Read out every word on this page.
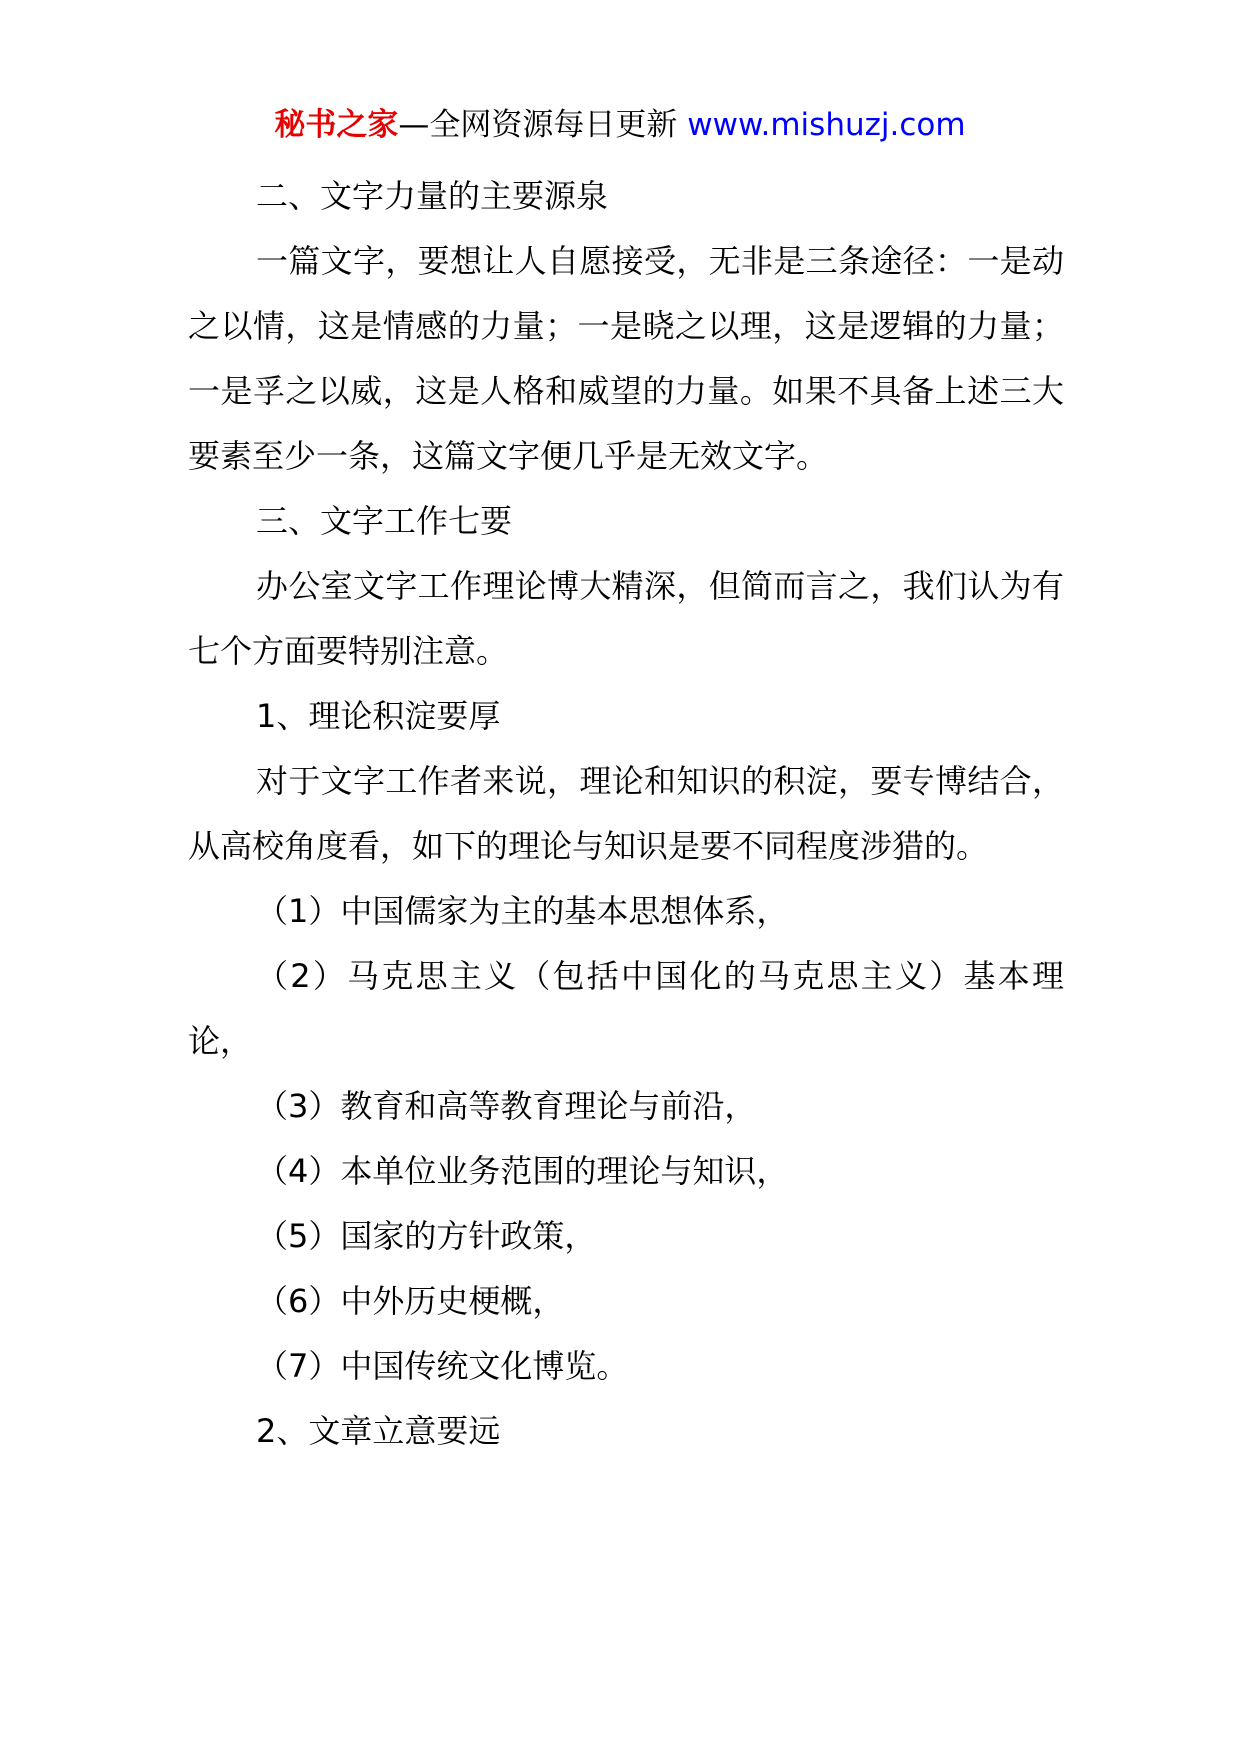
秘书之家—全网资源每日更新 www.mishuzj.com

二、文字力量的主要源泉

一篇文字，要想让人自愿接受，无非是三条途径：一是动之以情，这是情感的力量；一是晓之以理，这是逻辑的力量；一是孚之以威，这是人格和威望的力量。如果不具备上述三大要素至少一条，这篇文字便几乎是无效文字。

三、文字工作七要

办公室文字工作理论博大精深，但简而言之，我们认为有七个方面要特别注意。

1、理论积淀要厚

对于文字工作者来说，理论和知识的积淀，要专博结合，从高校角度看，如下的理论与知识是要不同程度涉猎的。

（1）中国儒家为主的基本思想体系，

（2）马克思主义（包括中国化的马克思主义）基本理论，

（3）教育和高等教育理论与前沿，

（4）本单位业务范围的理论与知识，

（5）国家的方针政策，

（6）中外历史梗概，

（7）中国传统文化博览。

2、文章立意要远
